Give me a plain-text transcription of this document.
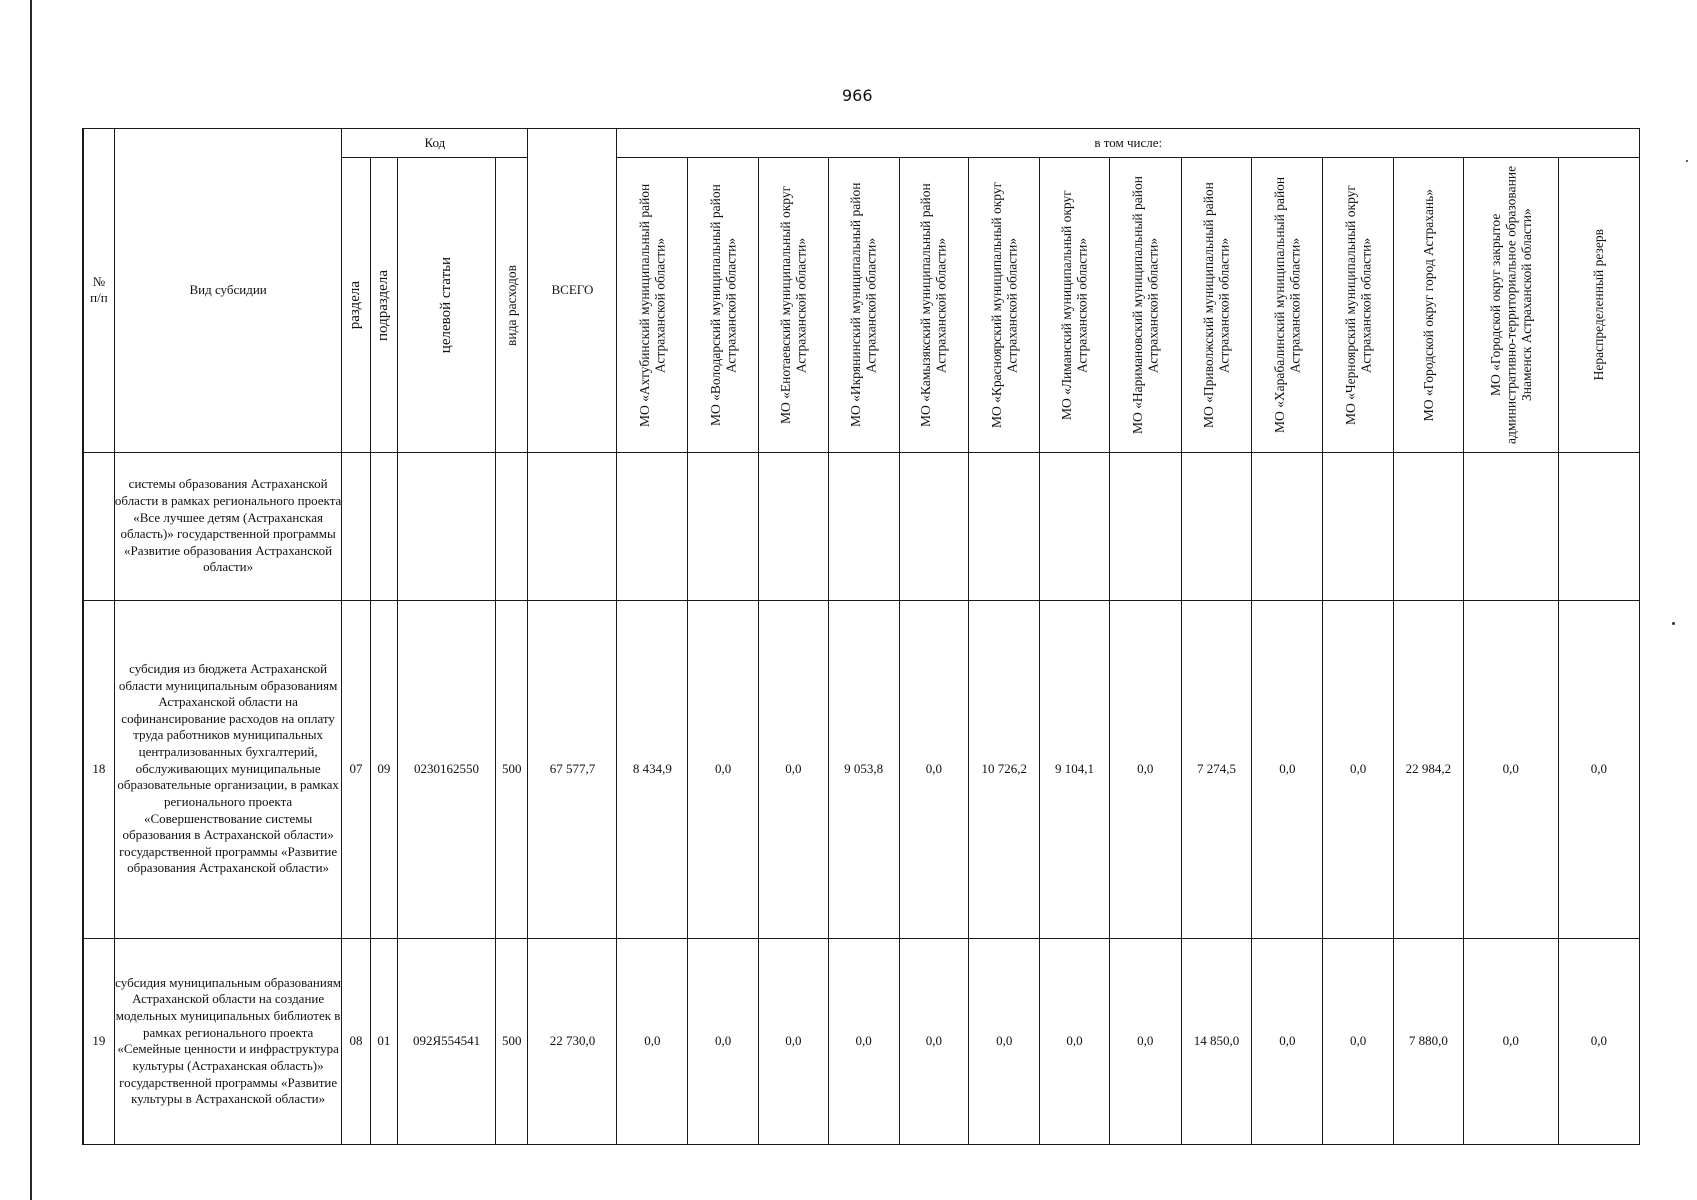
966
№
п/п	Вид субсидии	Код				ВСЕГО	в том числе:													

		раздела	подраздела	целевой статьи	вида расходов		МО «Ахтубинский муниципальный район Астраханской области»	МО «Володарский муниципальный район Астраханской области»	МО «Енотаевский муниципальный округ Астраханской области»	МО «Икрянинский муниципальный район Астраханской области»	МО «Камызякский муниципальный район Астраханской области»	МО «Красноярский муниципальный округ Астраханской области»	МО «Лиманский муниципальный округ Астраханской области»	МО «Наримановский муниципальный район Астраханской области»	МО «Приволжский муниципальный район Астраханской области»	МО «Харабалинский муниципальный район Астраханской области»	МО «Черноярский муниципальный округ Астраханской области»	МО «Городской округ город Астрахань»	МО «Городской округ закрытое административно-территориальное образование Знаменск Астраханской области»	Нераспределенный резерв

	системы образования Астраханской области в рамках регионального проекта «Все лучшее детям (Астраханская область)» государственной программы «Развитие образования Астраханской области»																			
18	субсидия из бюджета Астраханской области муниципальным образованиям Астраханской области на софинансирование расходов на оплату труда работников муниципальных централизованных бухгалтерий, обслуживающих муниципальные образовательные организации, в рамках регионального проекта «Совершенствование системы образования в Астраханской области» государственной программы «Развитие образования Астраханской области»	07	09	0230162550	500	67 577,7	8 434,9	0,0	0,0	9 053,8	0,0	10 726,2	9 104,1	0,0	7 274,5	0,0	0,0	22 984,2	0,0	0,0
19	субсидия муниципальным образованиям Астраханской области на создание модельных муниципальных библиотек в рамках регионального проекта «Семейные ценности и инфраструктура культуры (Астраханская область)» государственной программы «Развитие культуры в Астраханской области»	08	01	092Я554541	500	22 730,0	0,0	0,0	0,0	0,0	0,0	0,0	0,0	0,0	14 850,0	0,0	0,0	7 880,0	0,0	0,0
